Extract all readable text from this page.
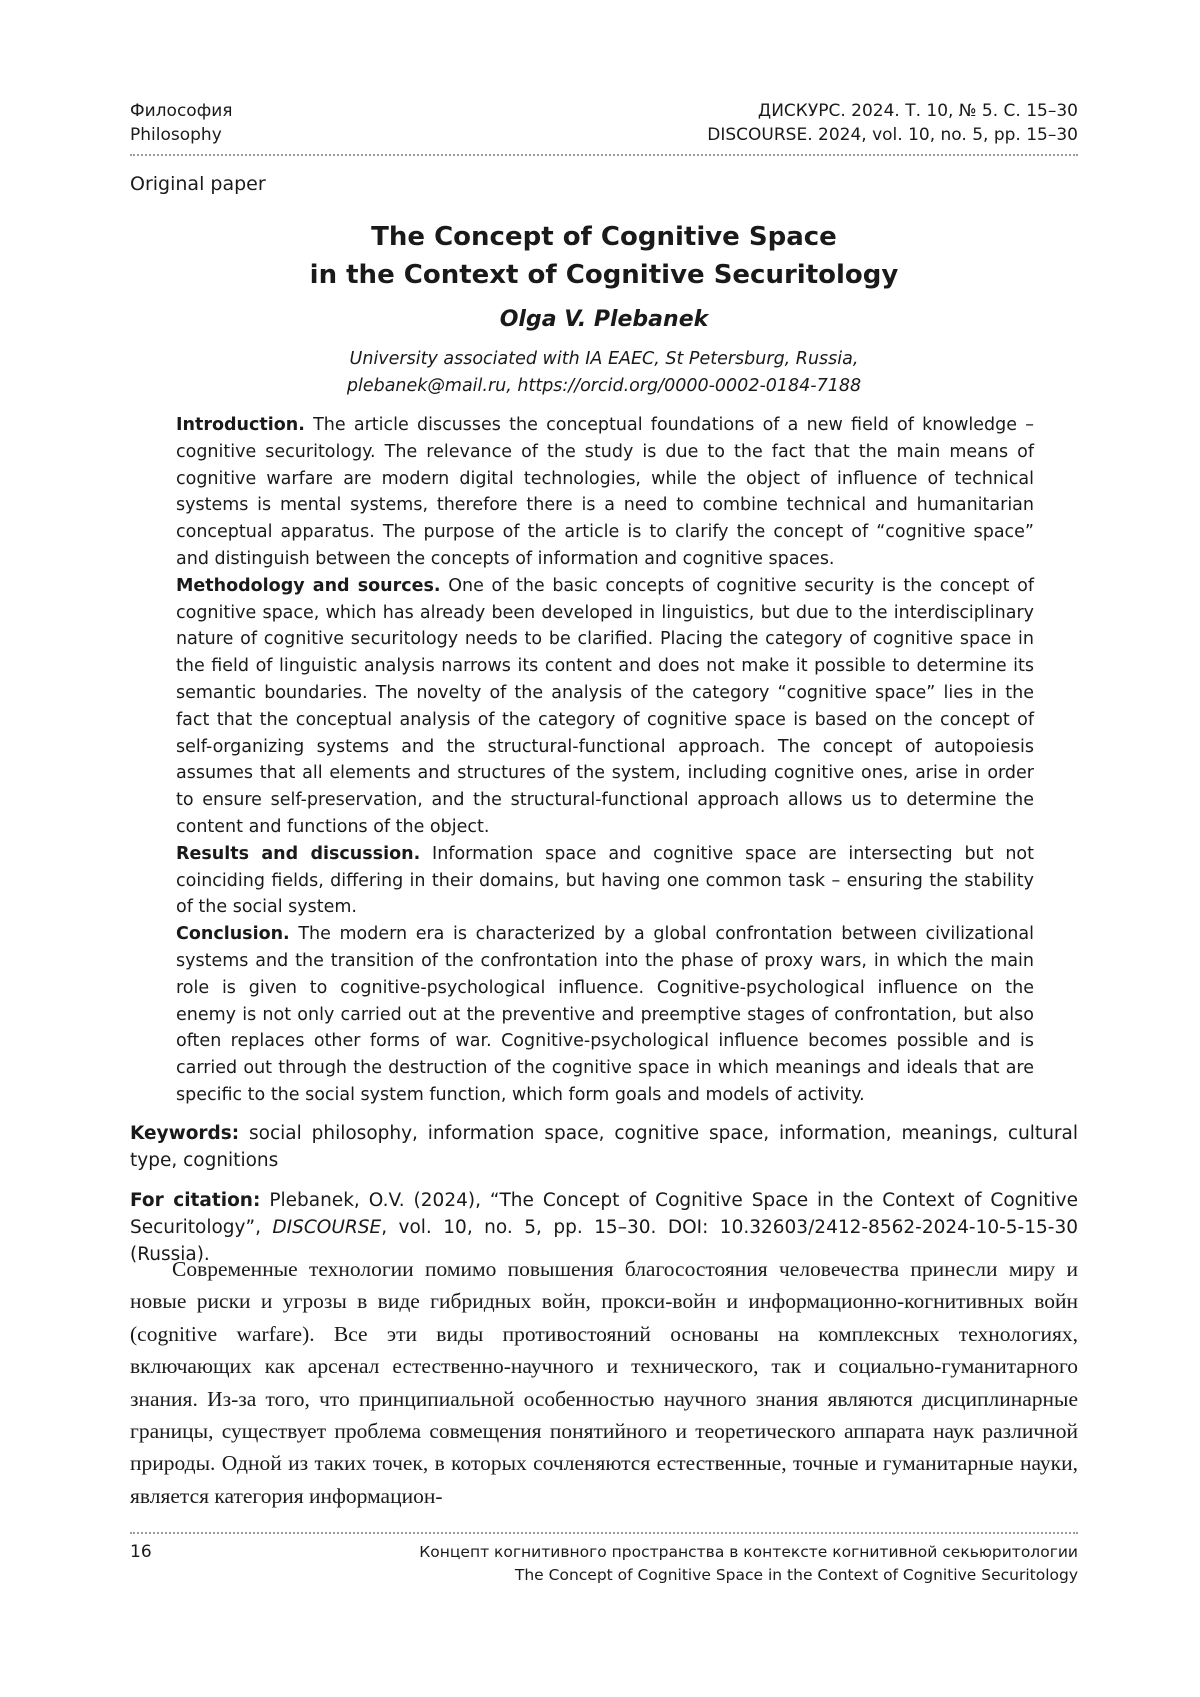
Философия
Philosophy
ДИСКУРС. 2024. Т. 10, № 5. С. 15–30
DISCOURSE. 2024, vol. 10, no. 5, pp. 15–30
Original paper
The Concept of Cognitive Space
in the Context of Cognitive Securitology
Olga V. Plebanek
University associated with IA EAEC, St Petersburg, Russia,
plebanek@mail.ru, https://orcid.org/0000-0002-0184-7188

Introduction. The article discusses the conceptual foundations of a new field of knowledge – cognitive securitology. The relevance of the study is due to the fact that the main means of cognitive warfare are modern digital technologies, while the object of influence of technical systems is mental systems, therefore there is a need to combine technical and humanitarian conceptual apparatus. The purpose of the article is to clarify the concept of “cognitive space” and distinguish between the concepts of information and cognitive spaces.

Methodology and sources. One of the basic concepts of cognitive security is the concept of cognitive space, which has already been developed in linguistics, but due to the interdisciplinary nature of cognitive securitology needs to be clarified. Placing the category of cognitive space in the field of linguistic analysis narrows its content and does not make it possible to determine its semantic boundaries. The novelty of the analysis of the category “cognitive space” lies in the fact that the conceptual analysis of the category of cognitive space is based on the concept of self-organizing systems and the structural-functional approach. The concept of autopoiesis assumes that all elements and structures of the system, including cognitive ones, arise in order to ensure self-preservation, and the structural-functional approach allows us to determine the content and functions of the object.

Results and discussion. Information space and cognitive space are intersecting but not coinciding fields, differing in their domains, but having one common task – ensuring the stability of the social system.

Conclusion. The modern era is characterized by a global confrontation between civilizational systems and the transition of the confrontation into the phase of proxy wars, in which the main role is given to cognitive-psychological influence. Cognitive-psychological influence on the enemy is not only carried out at the preventive and preemptive stages of confrontation, but also often replaces other forms of war. Cognitive-psychological influence becomes possible and is carried out through the destruction of the cognitive space in which meanings and ideals that are specific to the social system function, which form goals and models of activity.

Keywords: social philosophy, information space, cognitive space, information, meanings, cultural type, cognitions
For citation: Plebanek, O.V. (2024), “The Concept of Cognitive Space in the Context of Cognitive Securitology”, DISCOURSE, vol. 10, no. 5, pp. 15–30. DOI: 10.32603/2412-8562-2024-10-5-15-30 (Russia).

Современные технологии помимо повышения благосостояния человечества принесли миру и новые риски и угрозы в виде гибридных войн, прокси-войн и информационно-когнитивных войн (cognitive warfare). Все эти виды противостояний основаны на комплексных технологиях, включающих как арсенал естественно-научного и технического, так и социально-гуманитарного знания. Из-за того, что принципиальной особенностью научного знания являются дисциплинарные границы, существует проблема совмещения понятийного и теоретического аппарата наук различной природы. Одной из таких точек, в которых сочленяются естественные, точные и гуманитарные науки, является категория информацион-

16	Концепт когнитивного пространства в контексте когнитивной секьюритологии
The Concept of Cognitive Space in the Context of Cognitive Securitology
